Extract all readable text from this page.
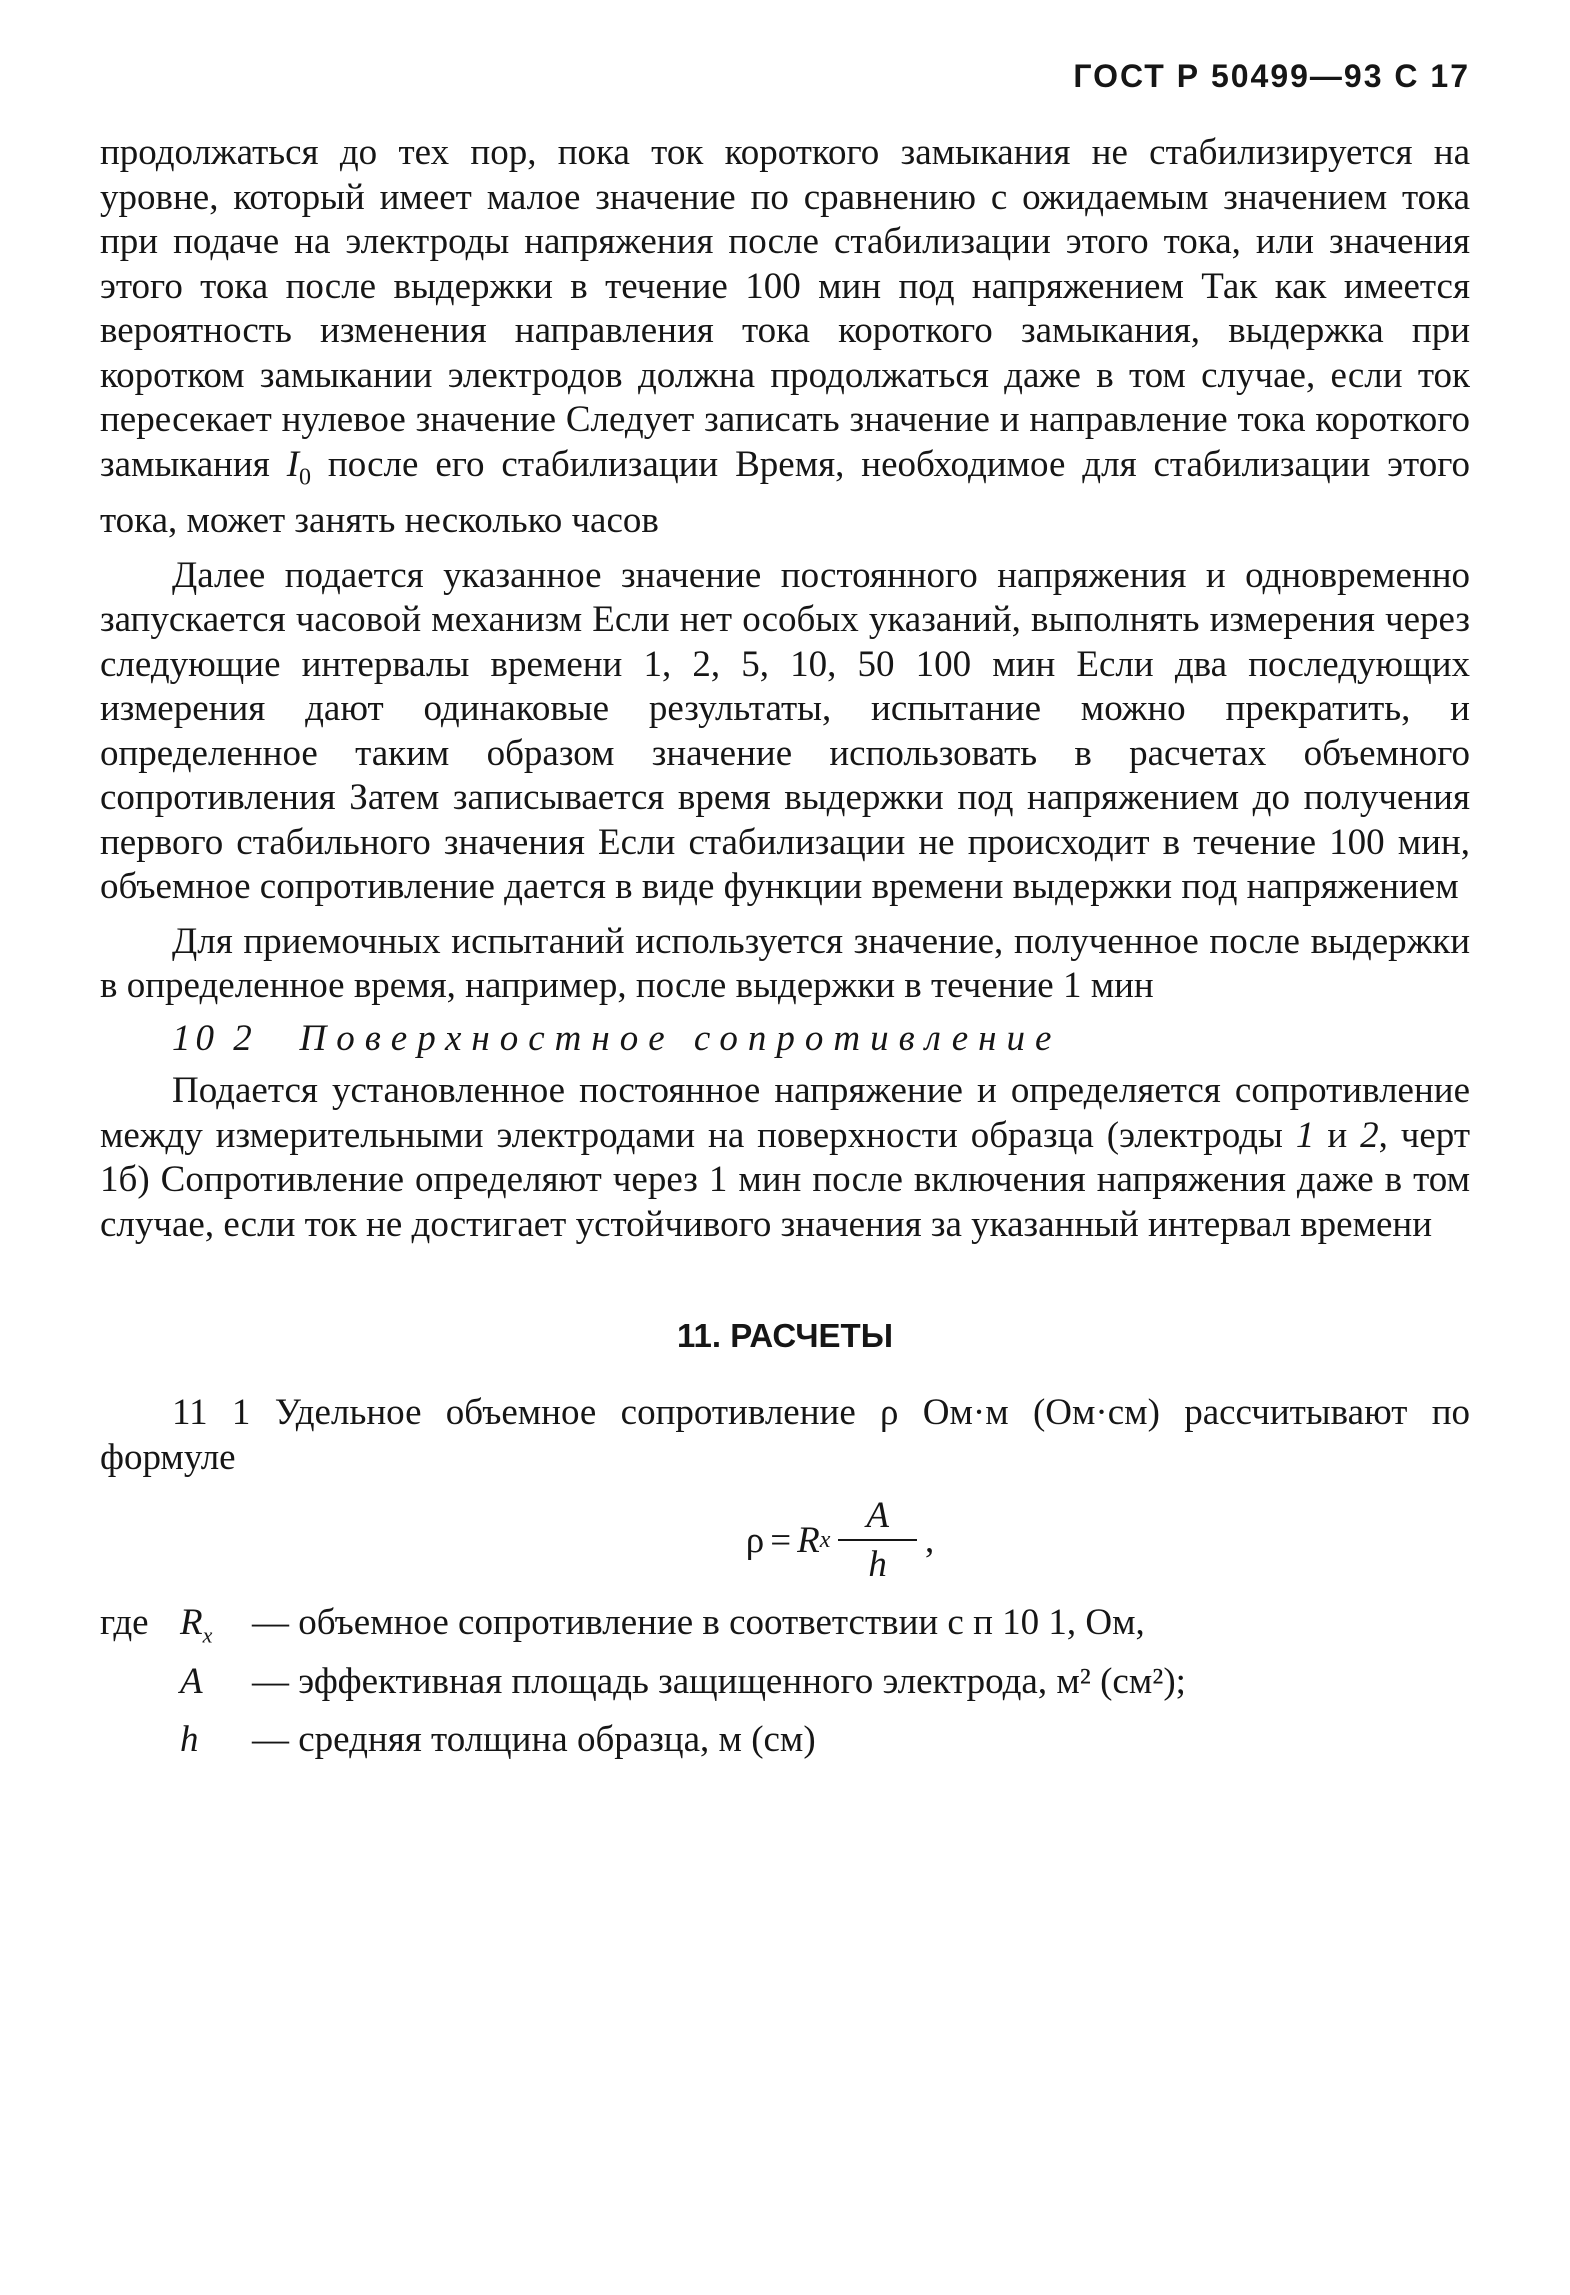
ГОСТ Р 50499—93 С 17

продолжаться до тех пор, пока ток короткого замыкания не стабилизируется на уровне, который имеет малое значение по сравнению с ожидаемым значением тока при подаче на электроды напряжения после стабилизации этого тока, или значения этого тока после выдержки в течение 100 мин под напряжением Так как имеется вероятность изменения направления тока короткого замыкания, выдержка при коротком замыкании электродов должна продолжаться даже в том случае, если ток пересекает нулевое значение Следует записать значение и направление тока короткого замыкания $I_0$ после его стабилизации Время, необходимое для стабилизации этого тока, может занять несколько часов

Далее подается указанное значение постоянного напряжения и одновременно запускается часовой механизм Если нет особых указаний, выполнять измерения через следующие интервалы времени 1, 2, 5, 10, 50 100 мин Если два последующих измерения дают одинаковые результаты, испытание можно прекратить, и определенное таким образом значение использовать в расчетах объемного сопротивления Затем записывается время выдержки под напряжением до получения первого стабильного значения Если стабилизации не происходит в течение 100 мин, объемное сопротивление дается в виде функции времени выдержки под напряжением

Для приемочных испытаний используется значение, полученное после выдержки в определенное время, например, после выдержки в течение 1 мин

10 2 Поверхностное сопротивление

Подается установленное постоянное напряжение и определяется сопротивление между измерительными электродами на поверхности образца (электроды 1 и 2, черт 1б) Сопротивление определяют через 1 мин после включения напряжения даже в том случае, если ток не достигает устойчивого значения за указанный интервал времени

11. РАСЧЕТЫ

11 1 Удельное объемное сопротивление ρ Ом·м (Ом·см) рассчитывают по формуле

ρ = R x $\frac{A}{h}$ ,
где $R_x$	— объемное сопротивление в соответствии с п 10 1, Ом,
A	— эффективная площадь защищенного электрода, м² (см²);
h	— средняя толщина образца, м (см)
